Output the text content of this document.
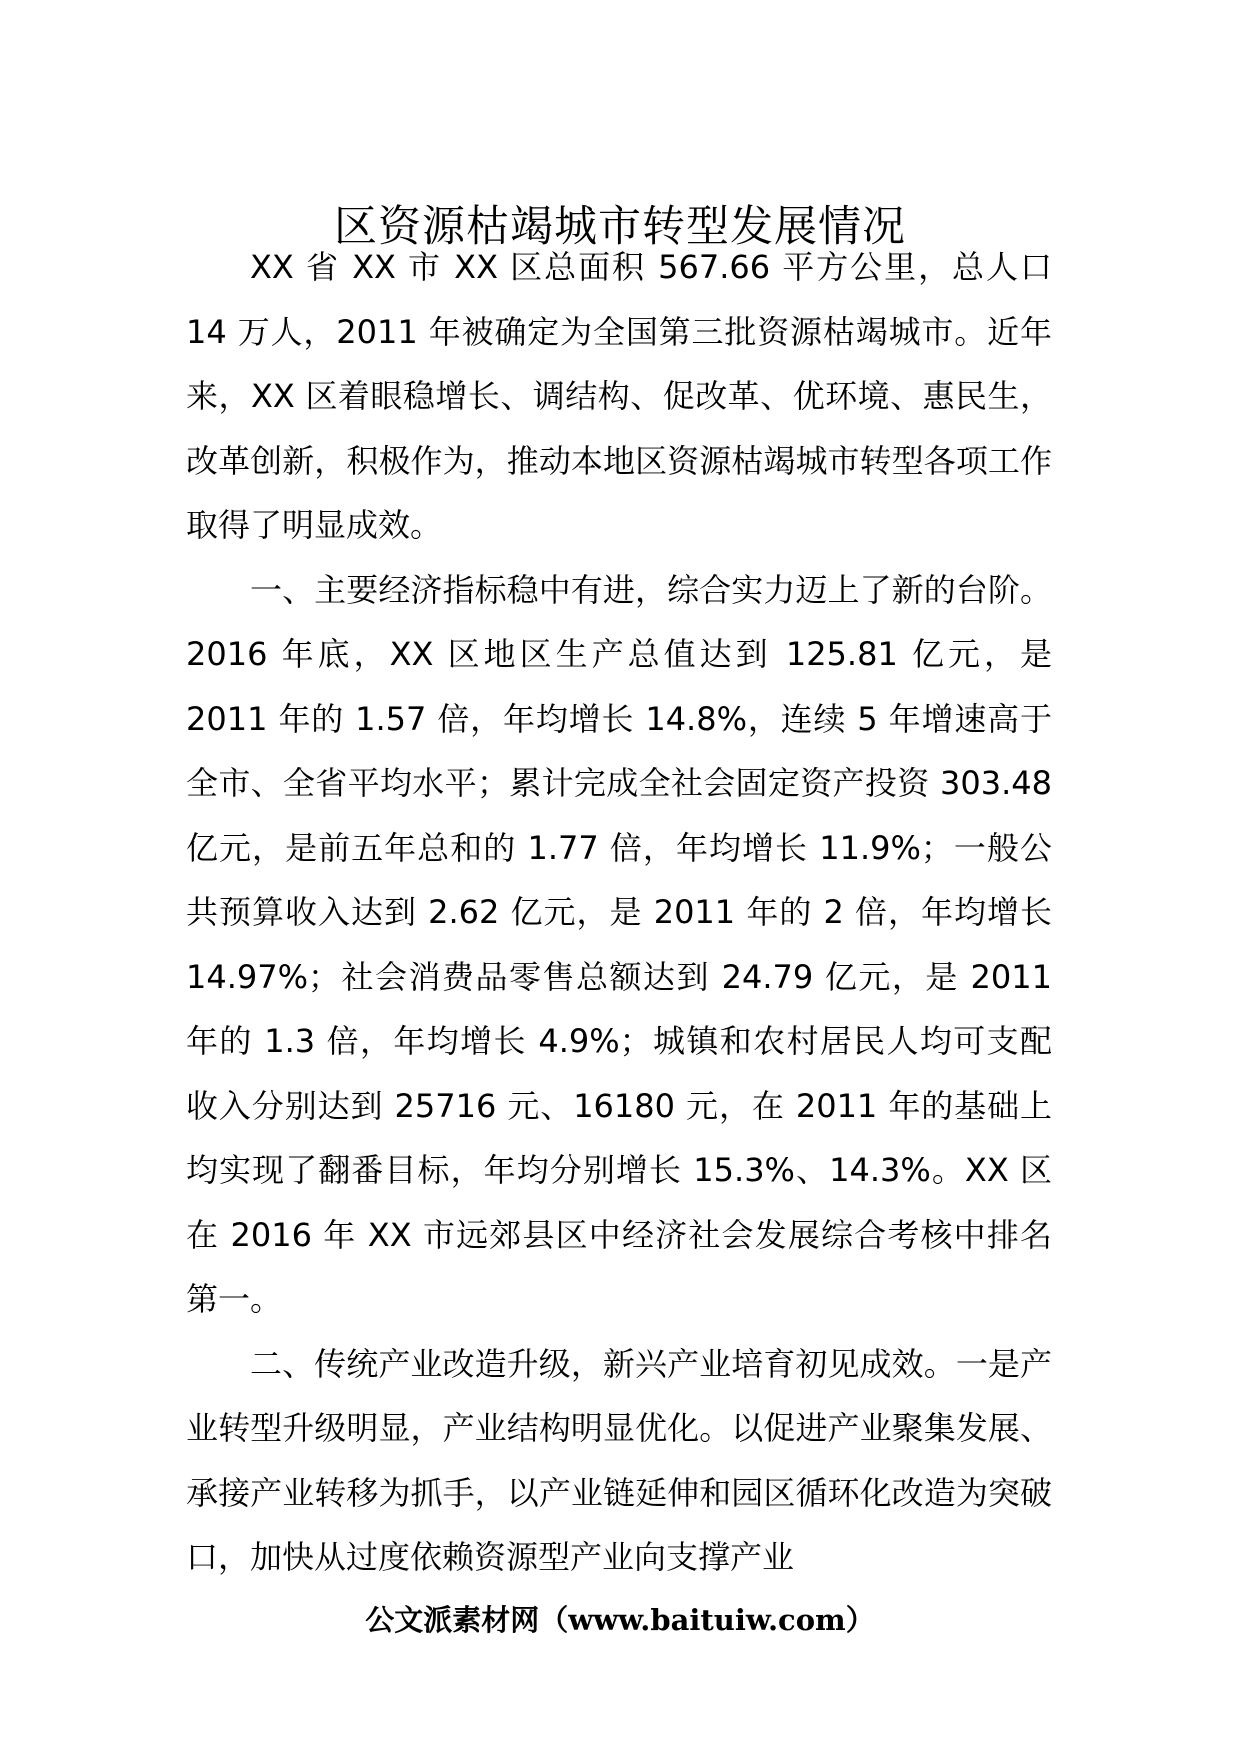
区资源枯竭城市转型发展情况

XX 省 XX 市 XX 区总面积 567.66 平方公里，总人口 14 万人，2011 年被确定为全国第三批资源枯竭城市。近年来，XX 区着眼稳增长、调结构、促改革、优环境、惠民生，改革创新，积极作为，推动本地区资源枯竭城市转型各项工作取得了明显成效。

一、主要经济指标稳中有进，综合实力迈上了新的台阶。2016 年底，XX 区地区生产总值达到 125.81 亿元，是 2011 年的 1.57 倍，年均增长 14.8%，连续 5 年增速高于全市、全省平均水平；累计完成全社会固定资产投资 303.48 亿元，是前五年总和的 1.77 倍，年均增长 11.9%；一般公共预算收入达到 2.62 亿元，是 2011 年的 2 倍，年均增长 14.97%；社会消费品零售总额达到 24.79 亿元，是 2011 年的 1.3 倍，年均增长 4.9%；城镇和农村居民人均可支配收入分别达到 25716 元、16180 元，在 2011 年的基础上均实现了翻番目标，年均分别增长 15.3%、14.3%。XX 区在 2016 年 XX 市远郊县区中经济社会发展综合考核中排名第一。

二、传统产业改造升级，新兴产业培育初见成效。一是产业转型升级明显，产业结构明显优化。以促进产业聚集发展、承接产业转移为抓手，以产业链延伸和园区循环化改造为突破口，加快从过度依赖资源型产业向支撑产业

公文派素材网（www.baituiw.com）
